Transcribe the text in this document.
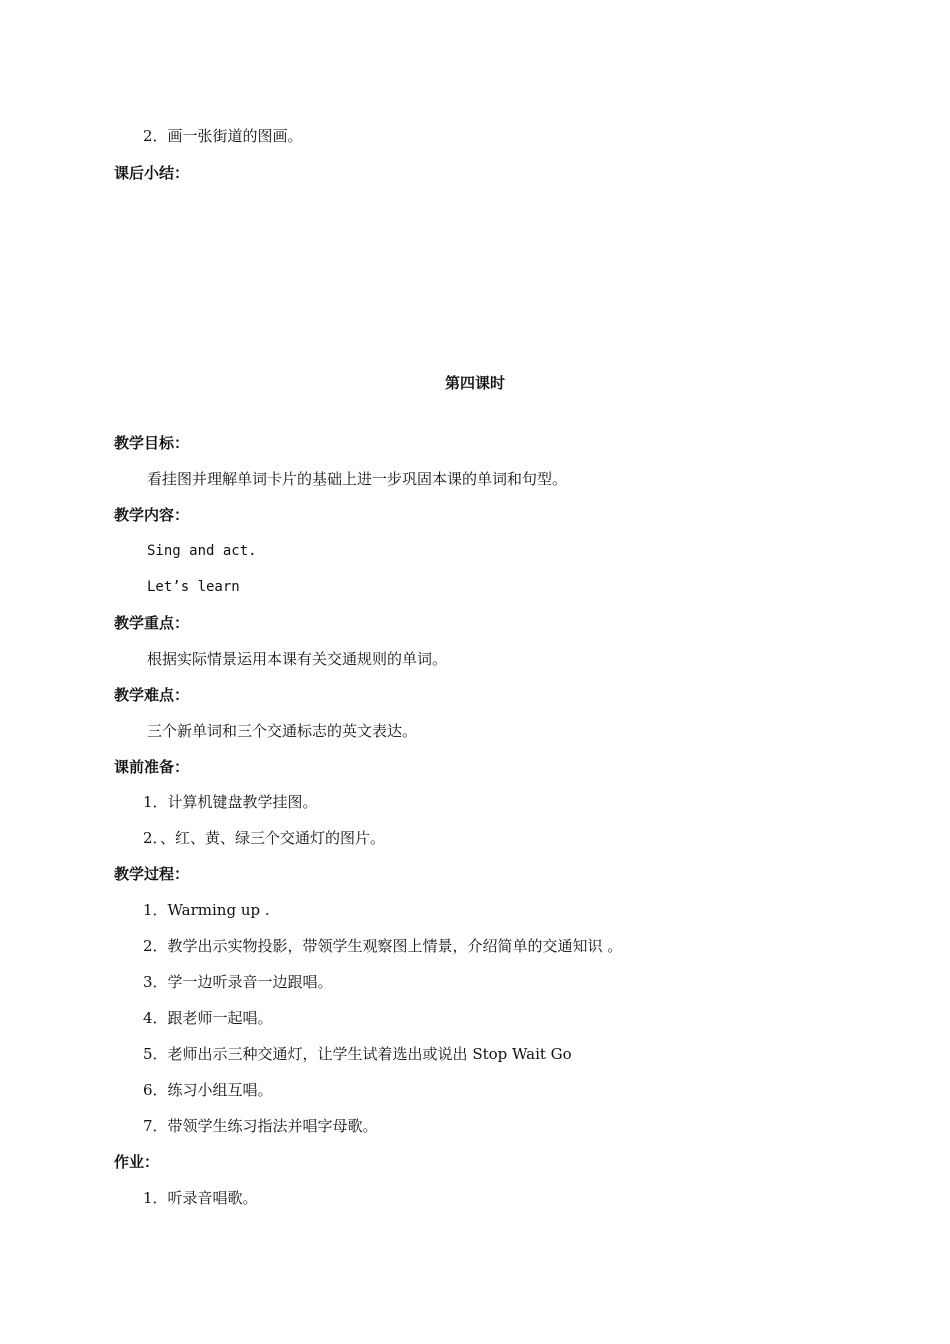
2．画一张街道的图画。
课后小结：
第四课时
教学目标：
看挂图并理解单词卡片的基础上进一步巩固本课的单词和句型。
教学内容：
Sing and act.
Let’s learn
教学重点：
根据实际情景运用本课有关交通规则的单词。
教学难点：
三个新单词和三个交通标志的英文表达。
课前准备：
1．计算机键盘教学挂图。
2．、红、黄、绿三个交通灯的图片。
教学过程：
1．Warming up .
2．教学出示实物投影，带领学生观察图上情景，介绍简单的交通知识 。
3．学一边听录音一边跟唱。
4．跟老师一起唱。
5．老师出示三种交通灯，让学生试着选出或说出 Stop Wait Go
6．练习小组互唱。
7．带领学生练习指法并唱字母歌。
作业：
1．听录音唱歌。
